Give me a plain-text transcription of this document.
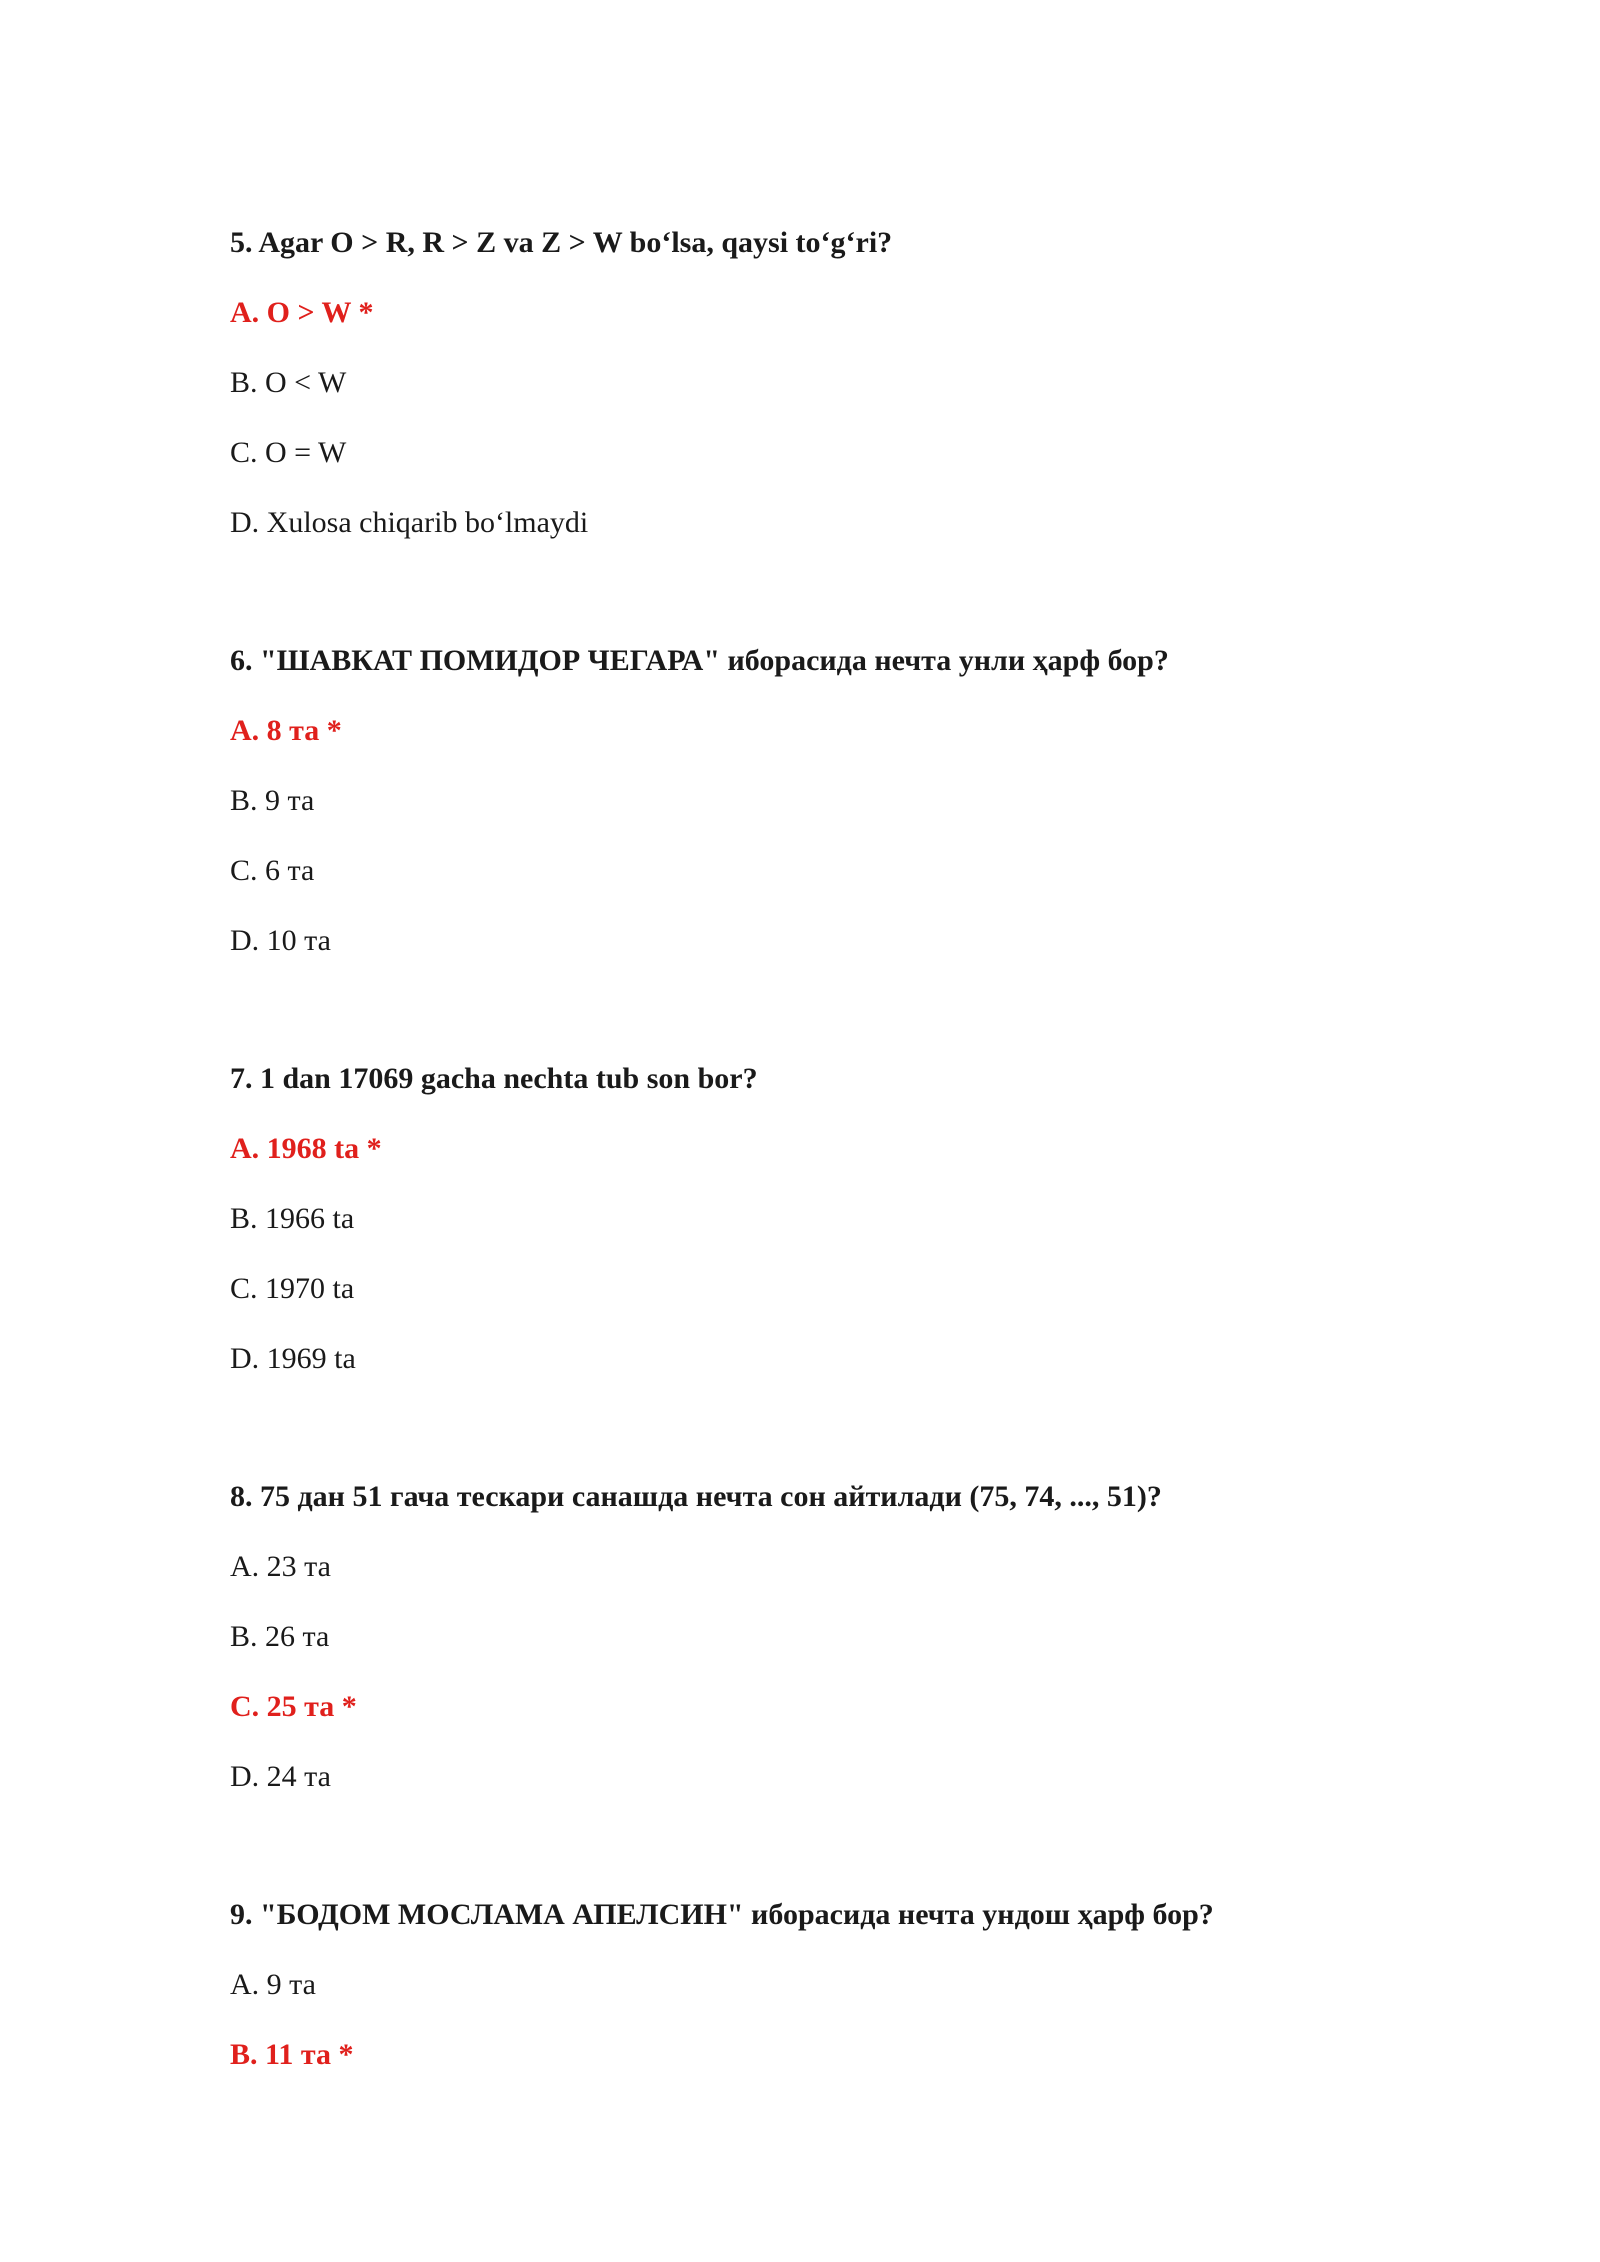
5. Agar O > R, R > Z va Z > W bo‘lsa, qaysi to‘g‘ri?

A. O > W *
B. O < W
C. O = W
D. Xulosa chiqarib bo‘lmaydi

6. "ШАВКАТ ПОМИДОР ЧЕГАРА" иборасида нечта унли ҳарф бор?

A. 8 та *
B. 9 та
C. 6 та
D. 10 та

7. 1 dan 17069 gacha nechta tub son bor?

A. 1968 ta *
B. 1966 ta
C. 1970 ta
D. 1969 ta

8. 75 дан 51 гача тескари санашда нечта сон айтилади (75, 74, ..., 51)?

A. 23 та
B. 26 та
C. 25 та *
D. 24 та

9. "БОДОМ МОСЛАМА АПЕЛСИН" иборасида нечта ундош ҳарф бор?

A. 9 та
B. 11 та *
